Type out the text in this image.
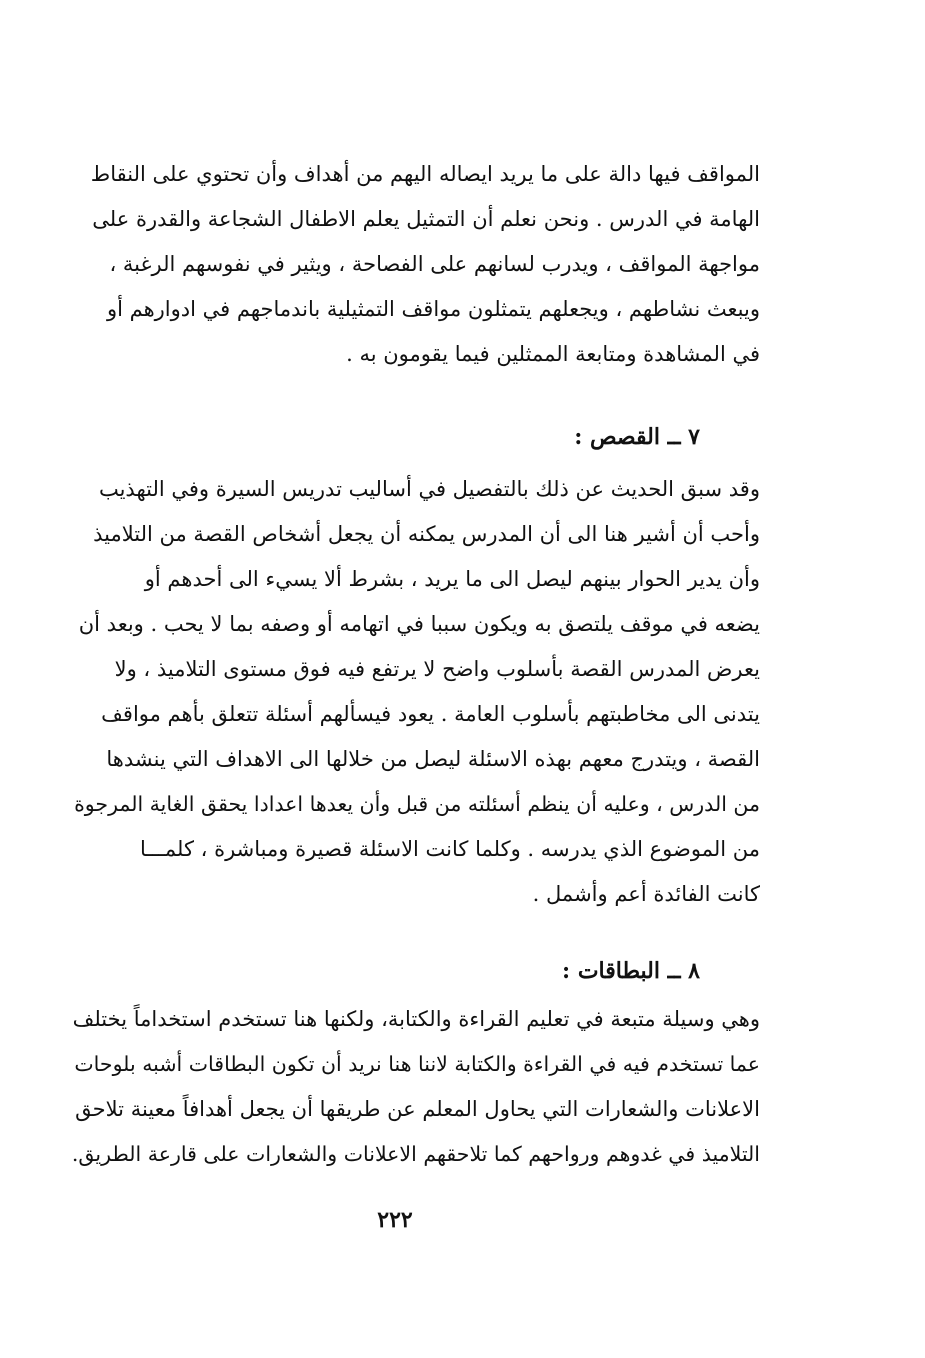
المواقف فيها دالة على ما يريد ايصاله اليهم من أهداف وأن تحتوي على النقاط
الهامة في الدرس . ونحن نعلم أن التمثيل يعلم الاطفال الشجاعة والقدرة على
مواجهة المواقف ، ويدرب لسانهم على الفصاحة ، ويثير في نفوسهم الرغبة ،
ويبعث نشاطهم ، ويجعلهم يتمثلون مواقف التمثيلية باندماجهم في ادوارهم أو
في المشاهدة ومتابعة الممثلين فيما يقومون به .

٧ ــ القصص :

وقد سبق الحديث عن ذلك بالتفصيل في أساليب تدريس السيرة وفي التهذيب
وأحب أن أشير هنا الى أن المدرس يمكنه أن يجعل أشخاص القصة من التلاميذ
وأن يدير الحوار بينهم ليصل الى ما يريد ، بشرط ألا يسيء الى أحدهم أو
يضعه في موقف يلتصق به ويكون سببا في اتهامه أو وصفه بما لا يحب . وبعد أن
يعرض المدرس القصة بأسلوب واضح لا يرتفع فيه فوق مستوى التلاميذ ، ولا
يتدنى الى مخاطبتهم بأسلوب العامة . يعود فيسألهم أسئلة تتعلق بأهم مواقف
القصة ، ويتدرج معهم بهذه الاسئلة ليصل من خلالها الى الاهداف التي ينشدها
من الدرس ، وعليه أن ينظم أسئلته من قبل وأن يعدها اعدادا يحقق الغاية المرجوة
من الموضوع الذي يدرسه . وكلما كانت الاسئلة قصيرة ومباشرة ، كلمـــا
كانت الفائدة أعم وأشمل .

٨ ــ البطاقات :

وهي وسيلة متبعة في تعليم القراءة والكتابة، ولكنها هنا تستخدم استخداماً يختلف
عما تستخدم فيه في القراءة والكتابة لاننا هنا نريد أن تكون البطاقات أشبه بلوحات
الاعلانات والشعارات التي يحاول المعلم عن طريقها أن يجعل أهدافاً معينة تلاحق
التلاميذ في غدوهم ورواحهم كما تلاحقهم الاعلانات والشعارات على قارعة الطريق.

٢٢٢
